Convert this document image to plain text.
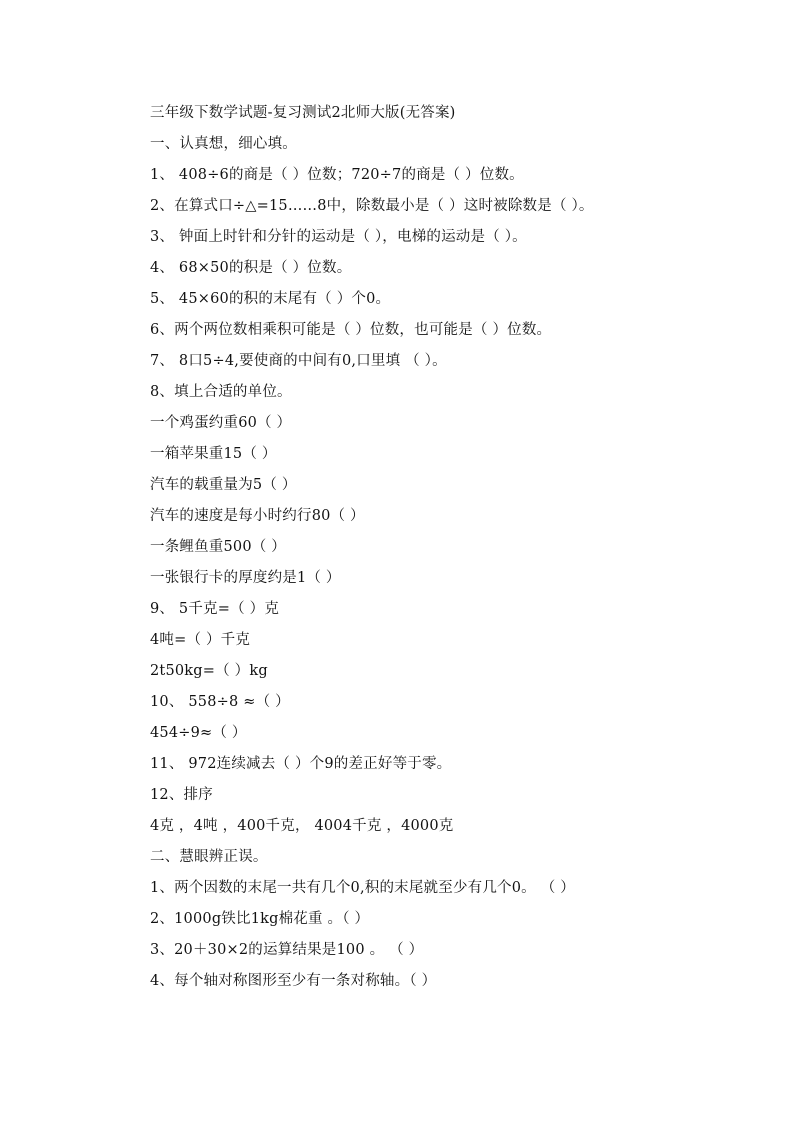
三年级下数学试题-复习测试2北师大版(无答案)
一、认真想，细心填。
1、 408÷6的商是（ ）位数；720÷7的商是（ ）位数。
2、在算式口÷△=15……8中，除数最小是（ ）这时被除数是（ ）。
3、 钟面上时针和分针的运动是（ ），电梯的运动是（ ）。
4、 68×50的积是（ ）位数。
5、 45×60的积的末尾有（ ）个0。
6、两个两位数相乘积可能是（ ）位数，也可能是（ ）位数。
7、 8口5÷4,要使商的中间有0,口里填 （ ）。
8、填上合适的单位。
一个鸡蛋约重60（ ）
一箱苹果重15（ ）
汽车的载重量为5（ ）
汽车的速度是每小时约行80（ ）
一条鲤鱼重500（ ）
一张银行卡的厚度约是1（ ）
9、 5千克=（ ）克
4吨=（ ）千克
2t50kg=（ ）kg
10、 558÷8 ≈（ ）
454÷9≈（ ）
11、 972连续减去（ ）个9的差正好等于零。
12、排序
4克 ，4吨 ，400千克， 4004千克 ，4000克
二、慧眼辨正误。
1、两个因数的末尾一共有几个0,积的末尾就至少有几个0。 （ ）
2、1000g铁比1kg棉花重 。（ ）
3、20＋30×2的运算结果是100 。 （ ）
4、每个轴对称图形至少有一条对称轴。（ ）
